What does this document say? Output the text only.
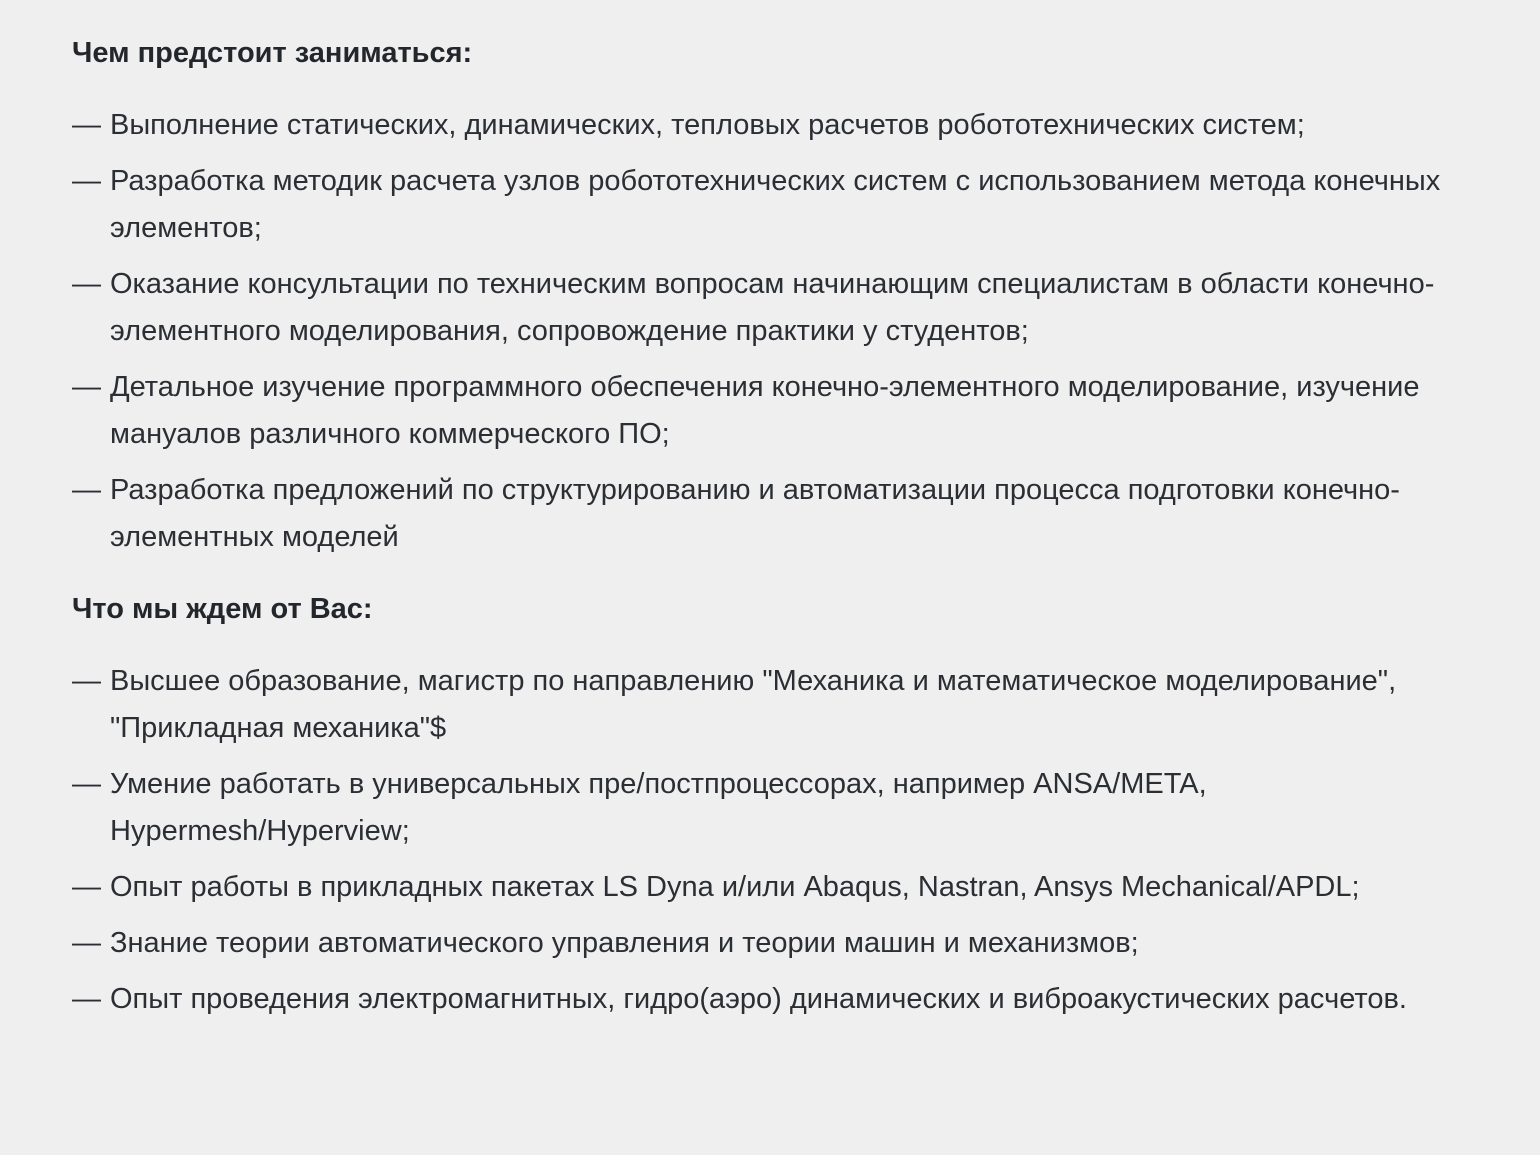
Чем предстоит заниматься:
— Выполнение статических, динамических, тепловых расчетов робототехнических систем;
— Разработка методик расчета узлов робототехнических систем с использованием метода конечных элементов;
— Оказание консультации по техническим вопросам начинающим специалистам в области конечно-элементного моделирования, сопровождение практики у студентов;
— Детальное изучение программного обеспечения конечно-элементного моделирование, изучение мануалов различного коммерческого ПО;
— Разработка предложений по структурированию и автоматизации процесса подготовки конечно-элементных моделей
Что мы ждем от Вас:
— Высшее образование, магистр по направлению "Механика и математическое моделирование", "Прикладная механика"$
— Умение работать в универсальных пре/постпроцессорах, например ANSA/META, Hypermesh/Hyperview;
— Опыт работы в прикладных пакетах LS Dyna и/или Abaqus, Nastran, Ansys Mechanical/APDL;
— Знание теории автоматического управления и теории машин и механизмов;
— Опыт проведения электромагнитных, гидро(аэро) динамических и виброакустических расчетов.
